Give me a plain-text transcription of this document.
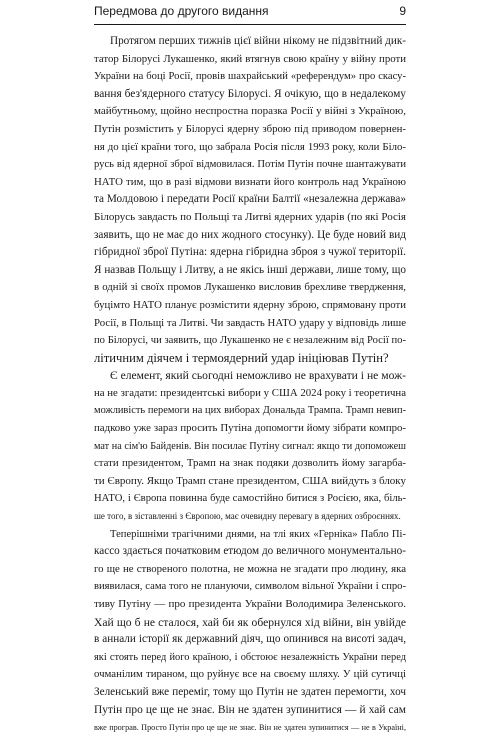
Передмова до другого видання	9
Протягом перших тижнів цієї війни нікому не підзвітний дик-
татор Білорусі Лукашенко, який втягнув свою країну у війну проти
України на боці Росії, провів шахрайський «референдум» про скасу-
вання без'ядерного статусу Білорусі. Я очікую, що в недалекому
майбутньому, щойно неспростна поразка Росії у війні з Україною,
Путін розмістить у Білорусі ядерну зброю під приводом повернен-
ня до цієї країни того, що забрала Росія після 1993 року, коли Біло-
русь від ядерної зброї відмовилася. Потім Путін почне шантажувати
НАТО тим, що в разі відмови визнати його контроль над Україною
та Молдовою і передати Росії країни Балтії «незалежна держава»
Білорусь завдасть по Польщі та Литві ядерних ударів (по які Росія
заявить, що не має до них жодного стосунку). Це буде новий вид
гібридної зброї Путіна: ядерна гібридна зброя з чужої території.
Я назвав Польщу і Литву, а не якісь інші держави, лише тому, що
в одній зі своїх промов Лукашенко висловив брехливе твердження,
буцімто НАТО планує розмістити ядерну зброю, спрямовану проти
Росії, в Польщі та Литві. Чи завдасть НАТО удару у відповідь лише
по Білорусі, чи заявить, що Лукашенко не є незалежним від Росії по-
літичним діячем і термоядерний удар ініціював Путін?
Є елемент, який сьогодні неможливо не врахувати і не мож-
на не згадати: президентські вибори у США 2024 року і теоретична
можливість перемоги на цих виборах Дональда Трампа. Трамп невип-
падково уже зараз просить Путіна допомогти йому зібрати компро-
мат на сім'ю Байденів. Він посилає Путіну сигнал: якщо ти допоможеш
стати президентом, Трамп на знак подяки дозволить йому загарба-
ти Європу. Якщо Трамп стане президентом, США вийдуть з блоку
НАТО, і Європа повинна буде самостійно битися з Росією, яка, біль-
ше того, в зіставленні з Європою, має очевидну перевагу в ядерних озброєннях.
Теперішніми трагічними днями, на тлі яких «Герніка» Пабло Пі-
кассо здається початковим етюдом до величного монументально-
го ще не створеного полотна, не можна не згадати про людину, яка
виявилася, сама того не плануючи, символом вільної України і спро-
тиву Путіну — про президента України Володимира Зеленського.
Хай що б не сталося, хай би як обернулся хід війни, він увійде
в аннали історії як державний діяч, що опинився на висоті задач,
які стоять перед його країною, і обстоює незалежність України перед
очманілим тираном, що руйнує все на своєму шляху. У цій сутичці
Зеленський вже переміг, тому що Путін не здатен перемогти, хоч
Путін про це ще не знає. Він не здатен зупинитися — й хай сам
вже програв. Просто Путін про це ще не знає. Він не здатен зупинитися — не в Україні,
